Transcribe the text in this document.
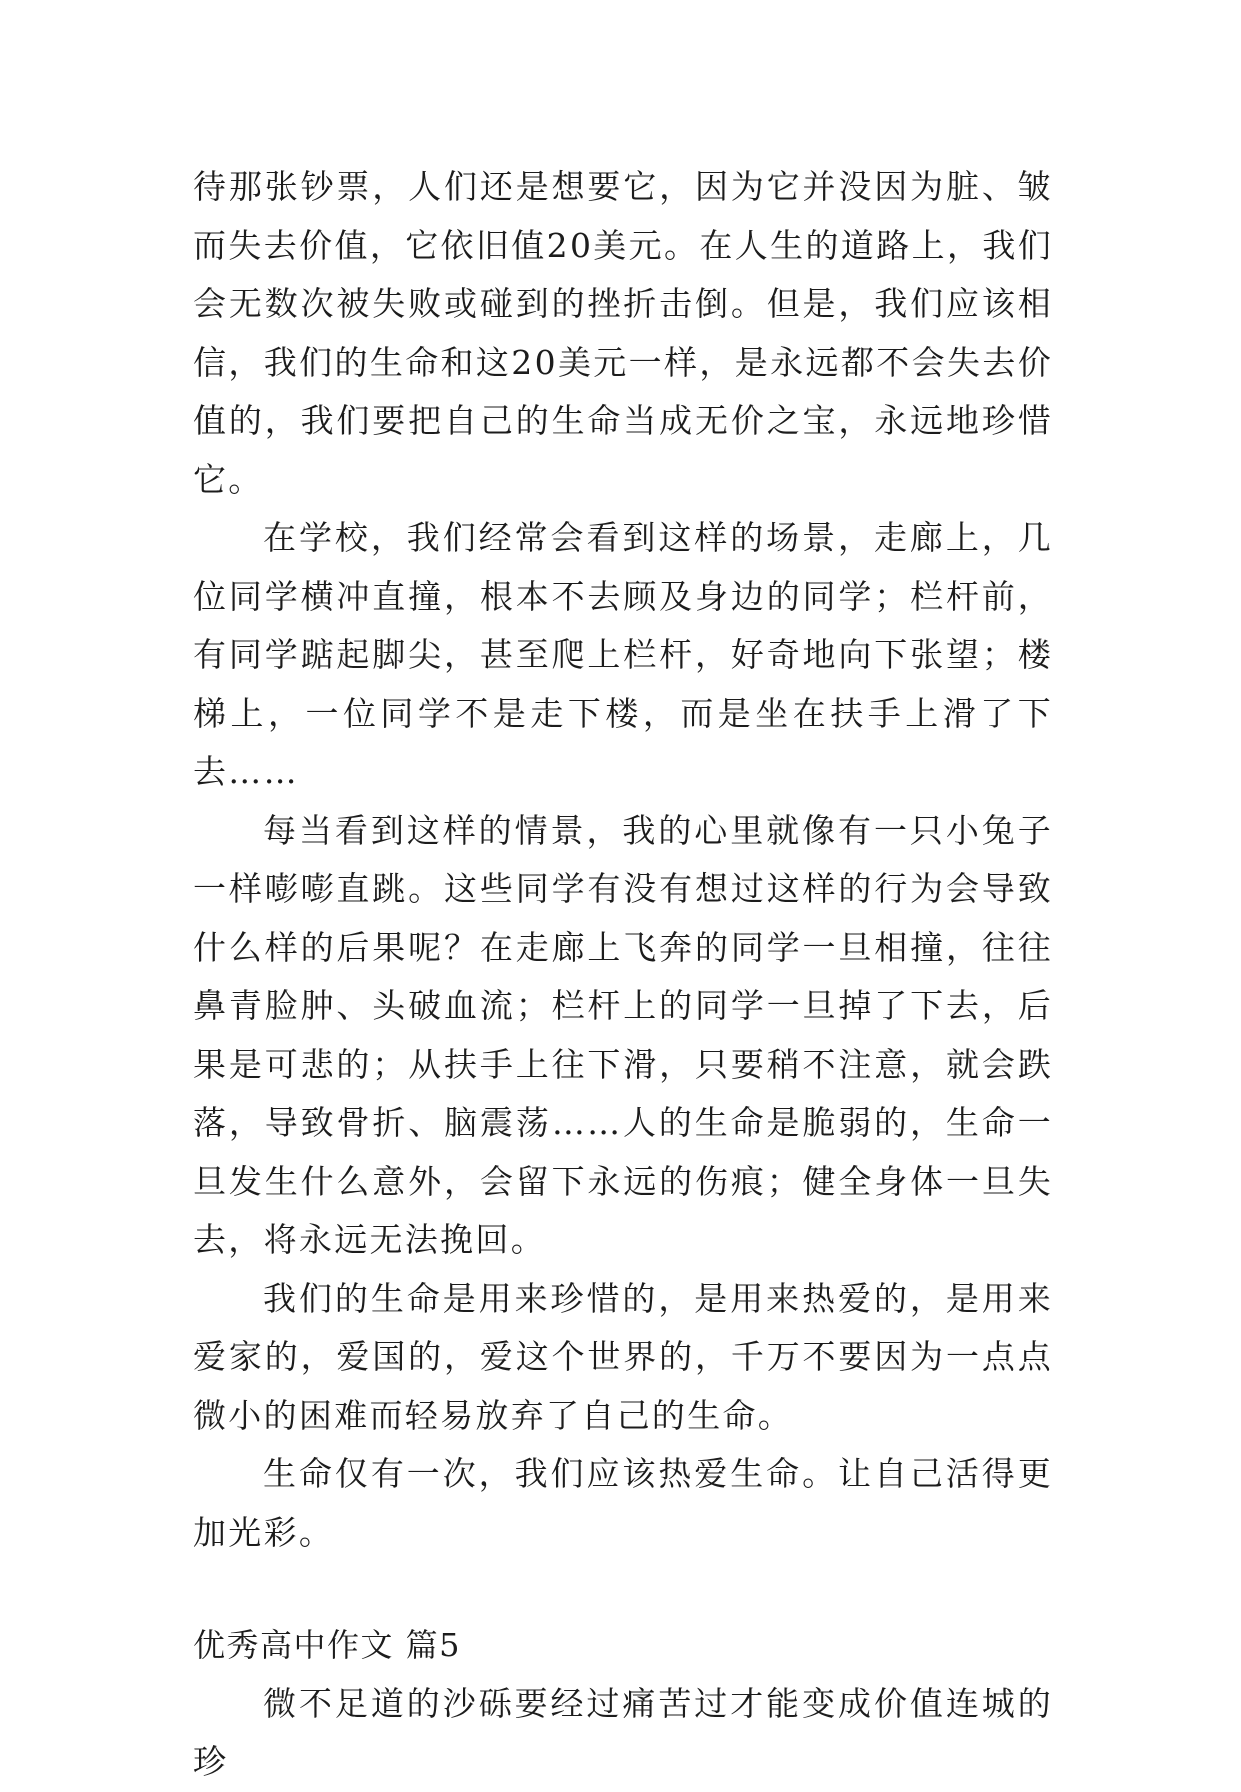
待那张钞票，人们还是想要它，因为它并没因为脏、皱而失去价值，它依旧值20美元。在人生的道路上，我们会无数次被失败或碰到的挫折击倒。但是，我们应该相信，我们的生命和这20美元一样，是永远都不会失去价值的，我们要把自己的生命当成无价之宝，永远地珍惜它。

在学校，我们经常会看到这样的场景，走廊上，几位同学横冲直撞，根本不去顾及身边的同学；栏杆前，有同学踮起脚尖，甚至爬上栏杆，好奇地向下张望；楼梯上，一位同学不是走下楼，而是坐在扶手上滑了下去……

每当看到这样的情景，我的心里就像有一只小兔子一样嘭嘭直跳。这些同学有没有想过这样的行为会导致什么样的后果呢？在走廊上飞奔的同学一旦相撞，往往鼻青脸肿、头破血流；栏杆上的同学一旦掉了下去，后果是可悲的；从扶手上往下滑，只要稍不注意，就会跌落，导致骨折、脑震荡……人的生命是脆弱的，生命一旦发生什么意外，会留下永远的伤痕；健全身体一旦失去，将永远无法挽回。

我们的生命是用来珍惜的，是用来热爱的，是用来爱家的，爱国的，爱这个世界的，千万不要因为一点点微小的困难而轻易放弃了自己的生命。

生命仅有一次，我们应该热爱生命。让自己活得更加光彩。

优秀高中作文 篇5

微不足道的沙砾要经过痛苦过才能变成价值连城的珍
